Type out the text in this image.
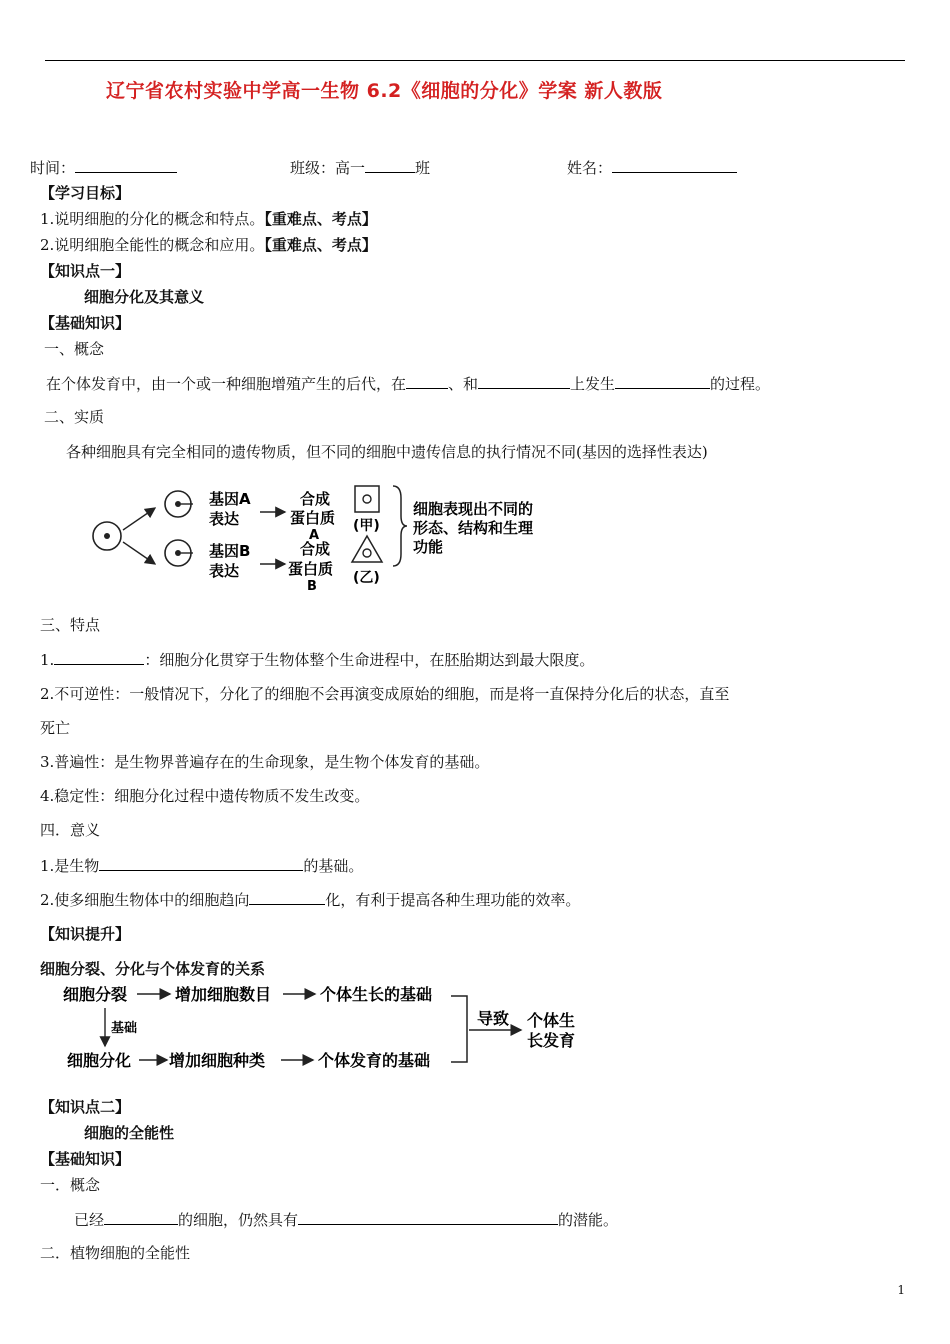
辽宁省农村实验中学高一生物 6.2《细胞的分化》学案 新人教版
时间：	班级：高一	班	姓名：
【学习目标】
1.说明细胞的分化的概念和特点。【重难点、考点】
2.说明细胞全能性的概念和应用。【重难点、考点】
【知识点一】
细胞分化及其意义
【基础知识】
一、概念
在个体发育中，由一个或一种细胞增殖产生的后代，在	、和	上发生	的过程。
二、实质
各种细胞具有完全相同的遗传物质，但不同的细胞中遗传信息的执行情况不同(基因的选择性表达)
基因A
表达
基因B
表达
合成
蛋白质
A
合成
蛋白质
B
(甲)
(乙)
细胞表现出不同的
形态、结构和生理
功能
三、特点
1.	：细胞分化贯穿于生物体整个生命进程中，在胚胎期达到最大限度。
2.不可逆性：一般情况下，分化了的细胞不会再演变成原始的细胞，而是将一直保持分化后的状态，直至
死亡
3.普遍性：是生物界普遍存在的生命现象，是生物个体发育的基础。
4.稳定性：细胞分化过程中遗传物质不发生改变。
四．意义
1.是生物	的基础。
2.使多细胞生物体中的细胞趋向	化，有利于提高各种生理功能的效率。
【知识提升】
细胞分裂、分化与个体发育的关系
细胞分裂	增加细胞数目	个体生长的基础
基础
细胞分化 增加细胞种类	个体发育的基础
导致 个体生
长发育
【知识点二】
细胞的全能性
【基础知识】
一．概念
已经	的细胞，仍然具有	的潜能。
二．植物细胞的全能性
1
